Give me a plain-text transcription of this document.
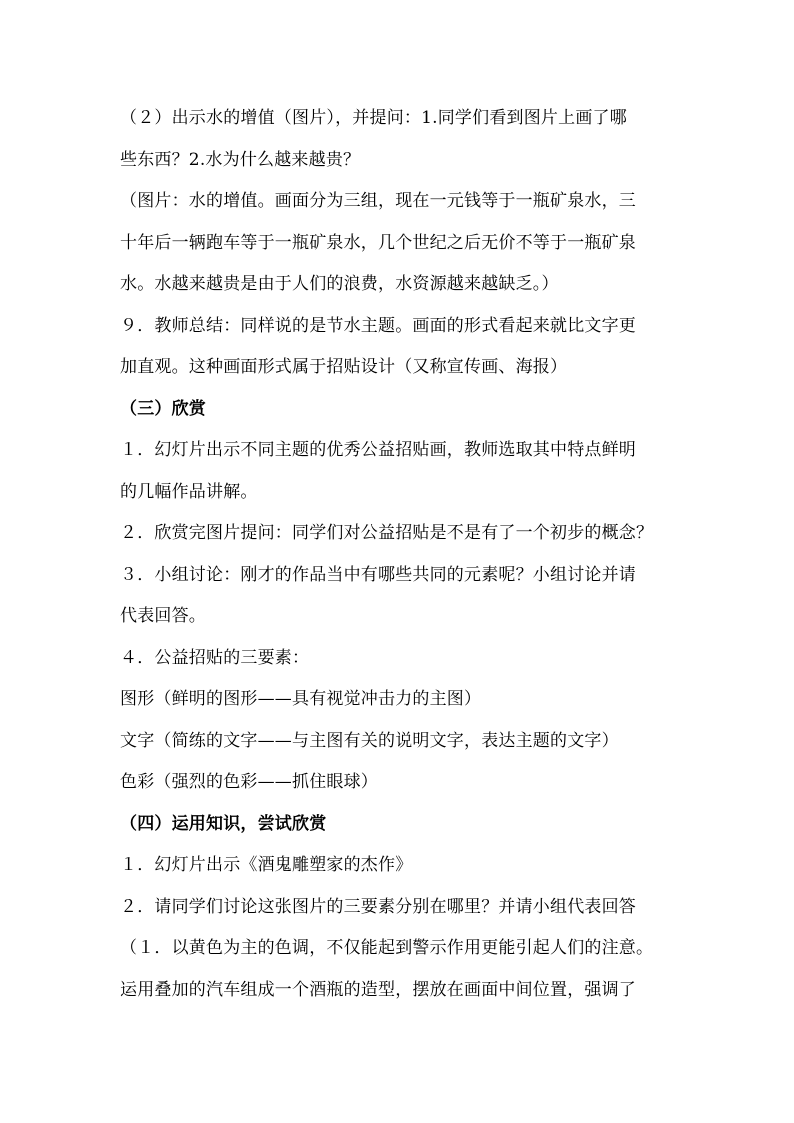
（２）出示水的增值（图片），并提问：1.同学们看到图片上画了哪
些东西？2.水为什么越来越贵？
（图片：水的增值。画面分为三组，现在一元钱等于一瓶矿泉水，三
十年后一辆跑车等于一瓶矿泉水，几个世纪之后无价不等于一瓶矿泉
水。水越来越贵是由于人们的浪费，水资源越来越缺乏。）
９．教师总结：同样说的是节水主题。画面的形式看起来就比文字更
加直观。这种画面形式属于招贴设计（又称宣传画、海报）
（三）欣赏
１．幻灯片出示不同主题的优秀公益招贴画，教师选取其中特点鲜明
的几幅作品讲解。
２．欣赏完图片提问：同学们对公益招贴是不是有了一个初步的概念？
３．小组讨论：刚才的作品当中有哪些共同的元素呢？小组讨论并请
代表回答。
４．公益招贴的三要素：
图形（鲜明的图形——具有视觉冲击力的主图）
文字（简练的文字——与主图有关的说明文字，表达主题的文字）
色彩（强烈的色彩——抓住眼球）
（四）运用知识，尝试欣赏
１．幻灯片出示《酒鬼雕塑家的杰作》
２．请同学们讨论这张图片的三要素分别在哪里？并请小组代表回答
（１．以黄色为主的色调，不仅能起到警示作用更能引起人们的注意。
运用叠加的汽车组成一个酒瓶的造型，摆放在画面中间位置，强调了
